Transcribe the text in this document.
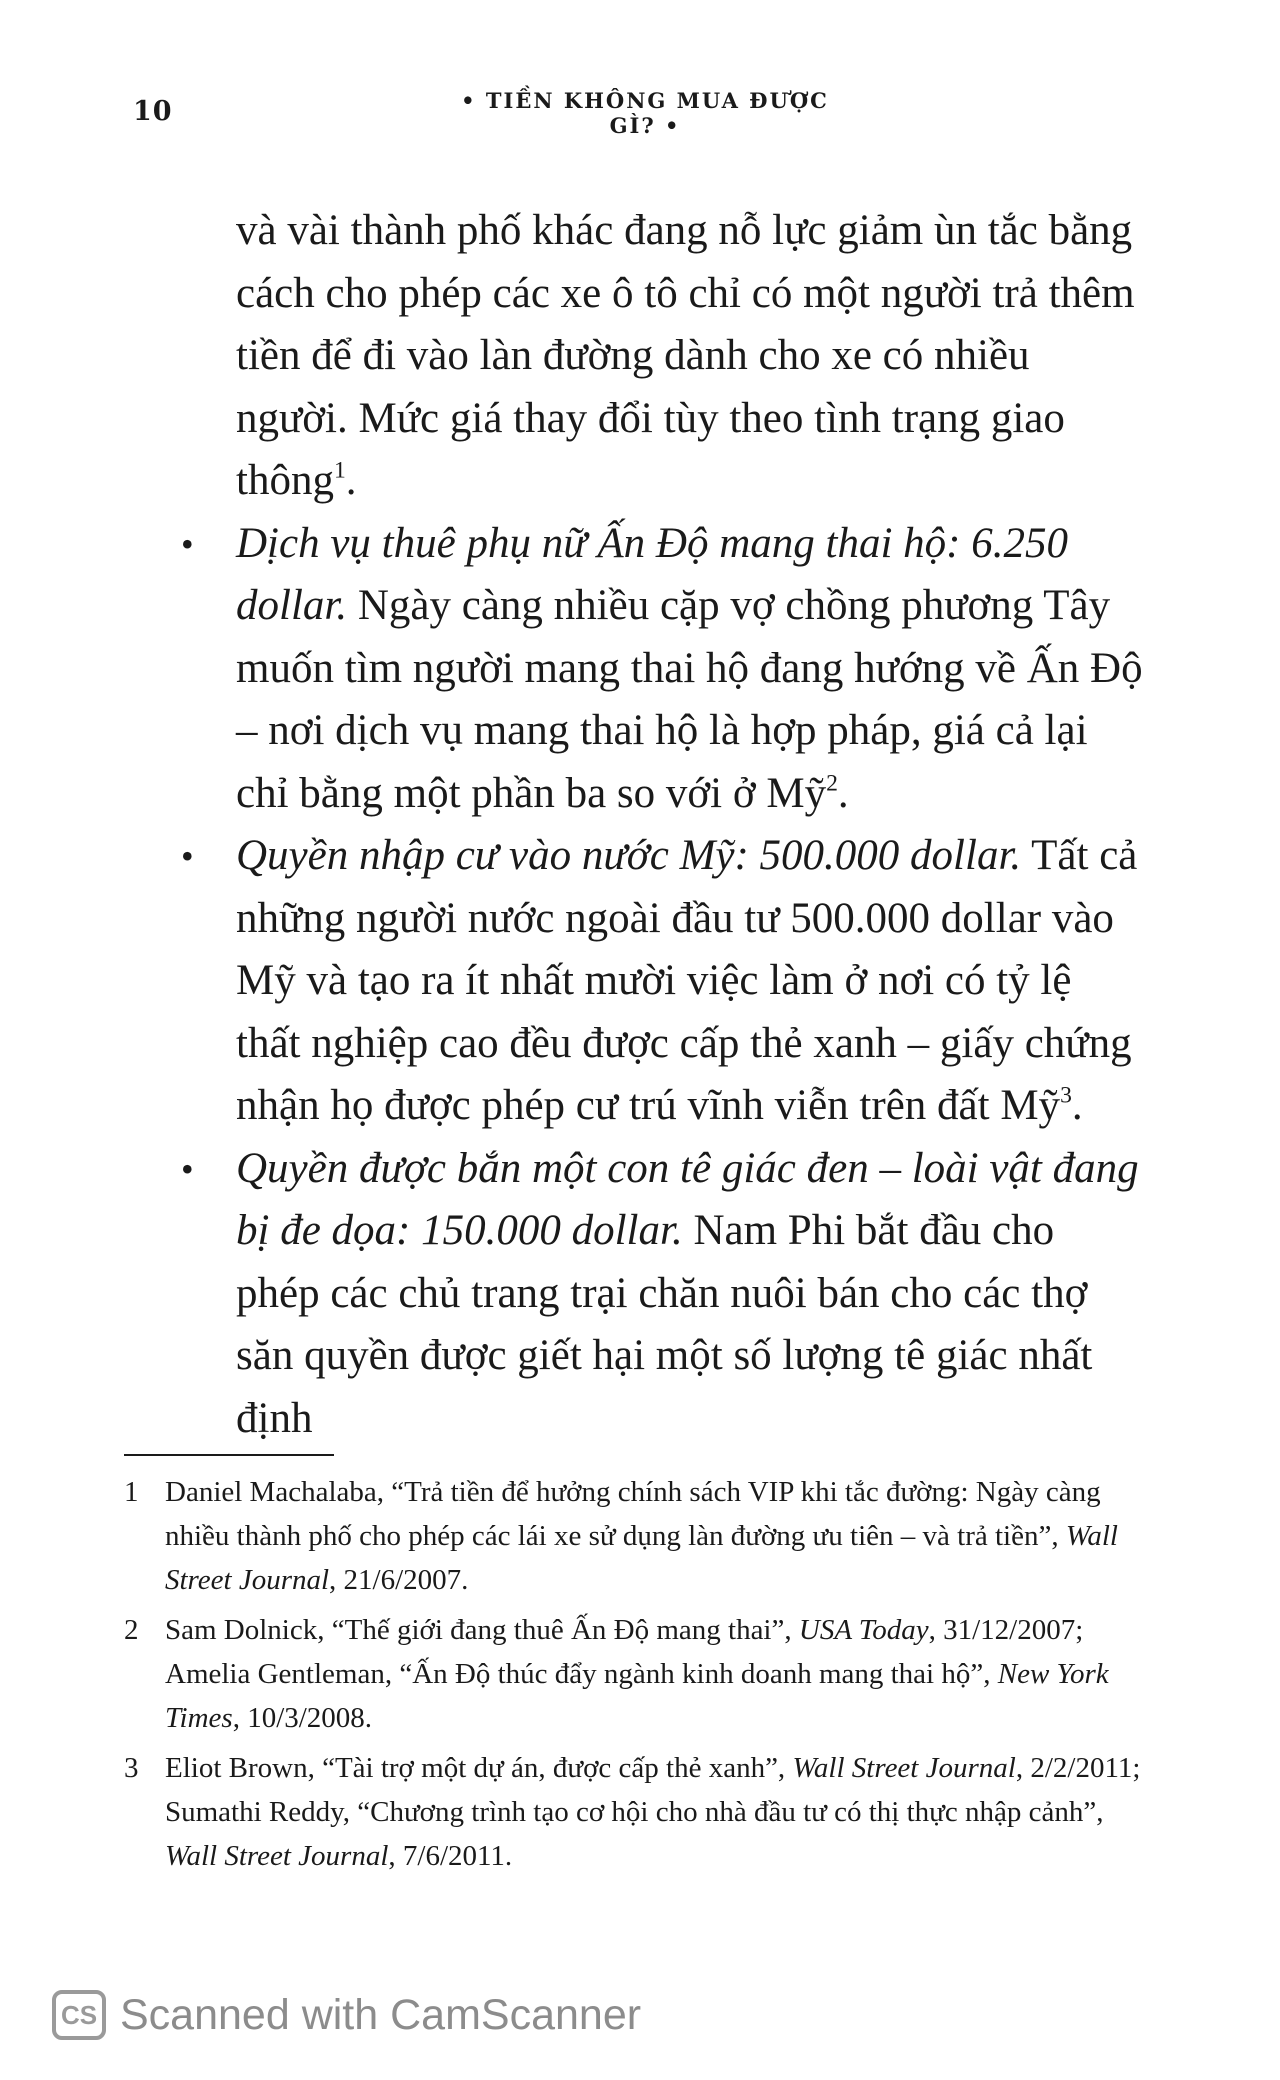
10	• TIỀN KHÔNG MUA ĐƯỢC GÌ? •

và vài thành phố khác đang nỗ lực giảm ùn tắc bằng cách cho phép các xe ô tô chỉ có một người trả thêm tiền để đi vào làn đường dành cho xe có nhiều người. Mức giá thay đổi tùy theo tình trạng giao thông$^1$.

• Dịch vụ thuê phụ nữ Ấn Độ mang thai hộ: 6.250 dollar. Ngày càng nhiều cặp vợ chồng phương Tây muốn tìm người mang thai hộ đang hướng về Ấn Độ – nơi dịch vụ mang thai hộ là hợp pháp, giá cả lại chỉ bằng một phần ba so với ở Mỹ$^2$.
• Quyền nhập cư vào nước Mỹ: 500.000 dollar. Tất cả những người nước ngoài đầu tư 500.000 dollar vào Mỹ và tạo ra ít nhất mười việc làm ở nơi có tỷ lệ thất nghiệp cao đều được cấp thẻ xanh – giấy chứng nhận họ được phép cư trú vĩnh viễn trên đất Mỹ$^3$.
• Quyền được bắn một con tê giác đen – loài vật đang bị đe dọa: 150.000 dollar. Nam Phi bắt đầu cho phép các chủ trang trại chăn nuôi bán cho các thợ săn quyền được giết hại một số lượng tê giác nhất định

1 Daniel Machalaba, “Trả tiền để hưởng chính sách VIP khi tắc đường: Ngày càng nhiều thành phố cho phép các lái xe sử dụng làn đường ưu tiên – và trả tiền”, Wall Street Journal, 21/6/2007.

2 Sam Dolnick, “Thế giới đang thuê Ấn Độ mang thai”, USA Today, 31/12/2007; Amelia Gentleman, “Ấn Độ thúc đẩy ngành kinh doanh mang thai hộ”, New York Times, 10/3/2008.

3 Eliot Brown, “Tài trợ một dự án, được cấp thẻ xanh”, Wall Street Journal, 2/2/2011; Sumathi Reddy, “Chương trình tạo cơ hội cho nhà đầu tư có thị thực nhập cảnh”, Wall Street Journal, 7/6/2011.

CS Scanned with CamScanner
